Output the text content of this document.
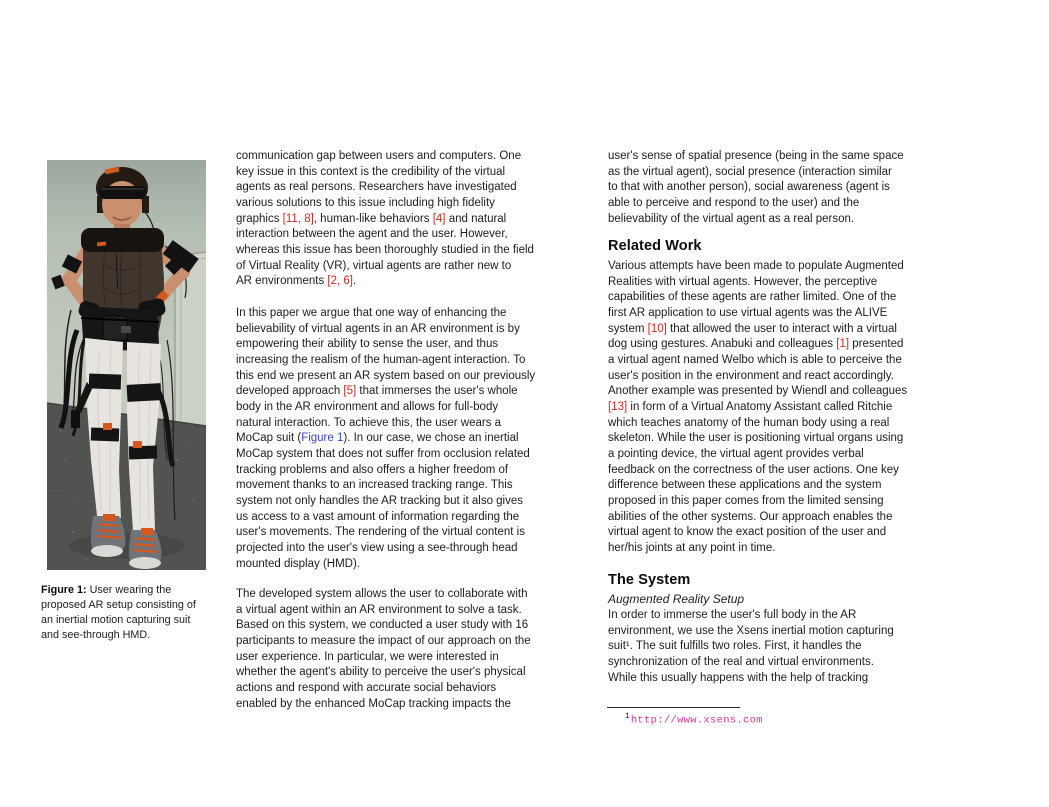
Figure 1: User wearing the
proposed AR setup consisting of
an inertial motion capturing suit
and see-through HMD.
communication gap between users and computers. One
key issue in this context is the credibility of the virtual
agents as real persons. Researchers have investigated
various solutions to this issue including high fidelity
graphics [11, 8], human-like behaviors [4] and natural
interaction between the agent and the user. However,
whereas this issue has been thoroughly studied in the field
of Virtual Reality (VR), virtual agents are rather new to
AR environments [2, 6].
In this paper we argue that one way of enhancing the
believability of virtual agents in an AR environment is by
empowering their ability to sense the user, and thus
increasing the realism of the human-agent interaction. To
this end we present an AR system based on our previously
developed approach [5] that immerses the user's whole
body in the AR environment and allows for full-body
natural interaction. To achieve this, the user wears a
MoCap suit (Figure 1). In our case, we chose an inertial
MoCap system that does not suffer from occlusion related
tracking problems and also offers a higher freedom of
movement thanks to an increased tracking range. This
system not only handles the AR tracking but it also gives
us access to a vast amount of information regarding the
user's movements. The rendering of the virtual content is
projected into the user's view using a see-through head
mounted display (HMD).
The developed system allows the user to collaborate with
a virtual agent within an AR environment to solve a task.
Based on this system, we conducted a user study with 16
participants to measure the impact of our approach on the
user experience. In particular, we were interested in
whether the agent's ability to perceive the user's physical
actions and respond with accurate social behaviors
enabled by the enhanced MoCap tracking impacts the
user's sense of spatial presence (being in the same space
as the virtual agent), social presence (interaction similar
to that with another person), social awareness (agent is
able to perceive and respond to the user) and the
believability of the virtual agent as a real person.
Related Work
Various attempts have been made to populate Augmented
Realities with virtual agents. However, the perceptive
capabilities of these agents are rather limited. One of the
first AR application to use virtual agents was the ALIVE
system [10] that allowed the user to interact with a virtual
dog using gestures. Anabuki and colleagues [1] presented
a virtual agent named Welbo which is able to perceive the
user's position in the environment and react accordingly.
Another example was presented by Wiendl and colleagues
[13] in form of a Virtual Anatomy Assistant called Ritchie
which teaches anatomy of the human body using a real
skeleton. While the user is positioning virtual organs using
a pointing device, the virtual agent provides verbal
feedback on the correctness of the user actions. One key
difference between these applications and the system
proposed in this paper comes from the limited sensing
abilities of the other systems. Our approach enables the
virtual agent to know the exact position of the user and
her/his joints at any point in time.
The System
Augmented Reality Setup
In order to immerse the user's full body in the AR
environment, we use the Xsens inertial motion capturing
suit¹. The suit fulfills two roles. First, it handles the
synchronization of the real and virtual environments.
While this usually happens with the help of tracking
$^1$http://www.xsens.com
